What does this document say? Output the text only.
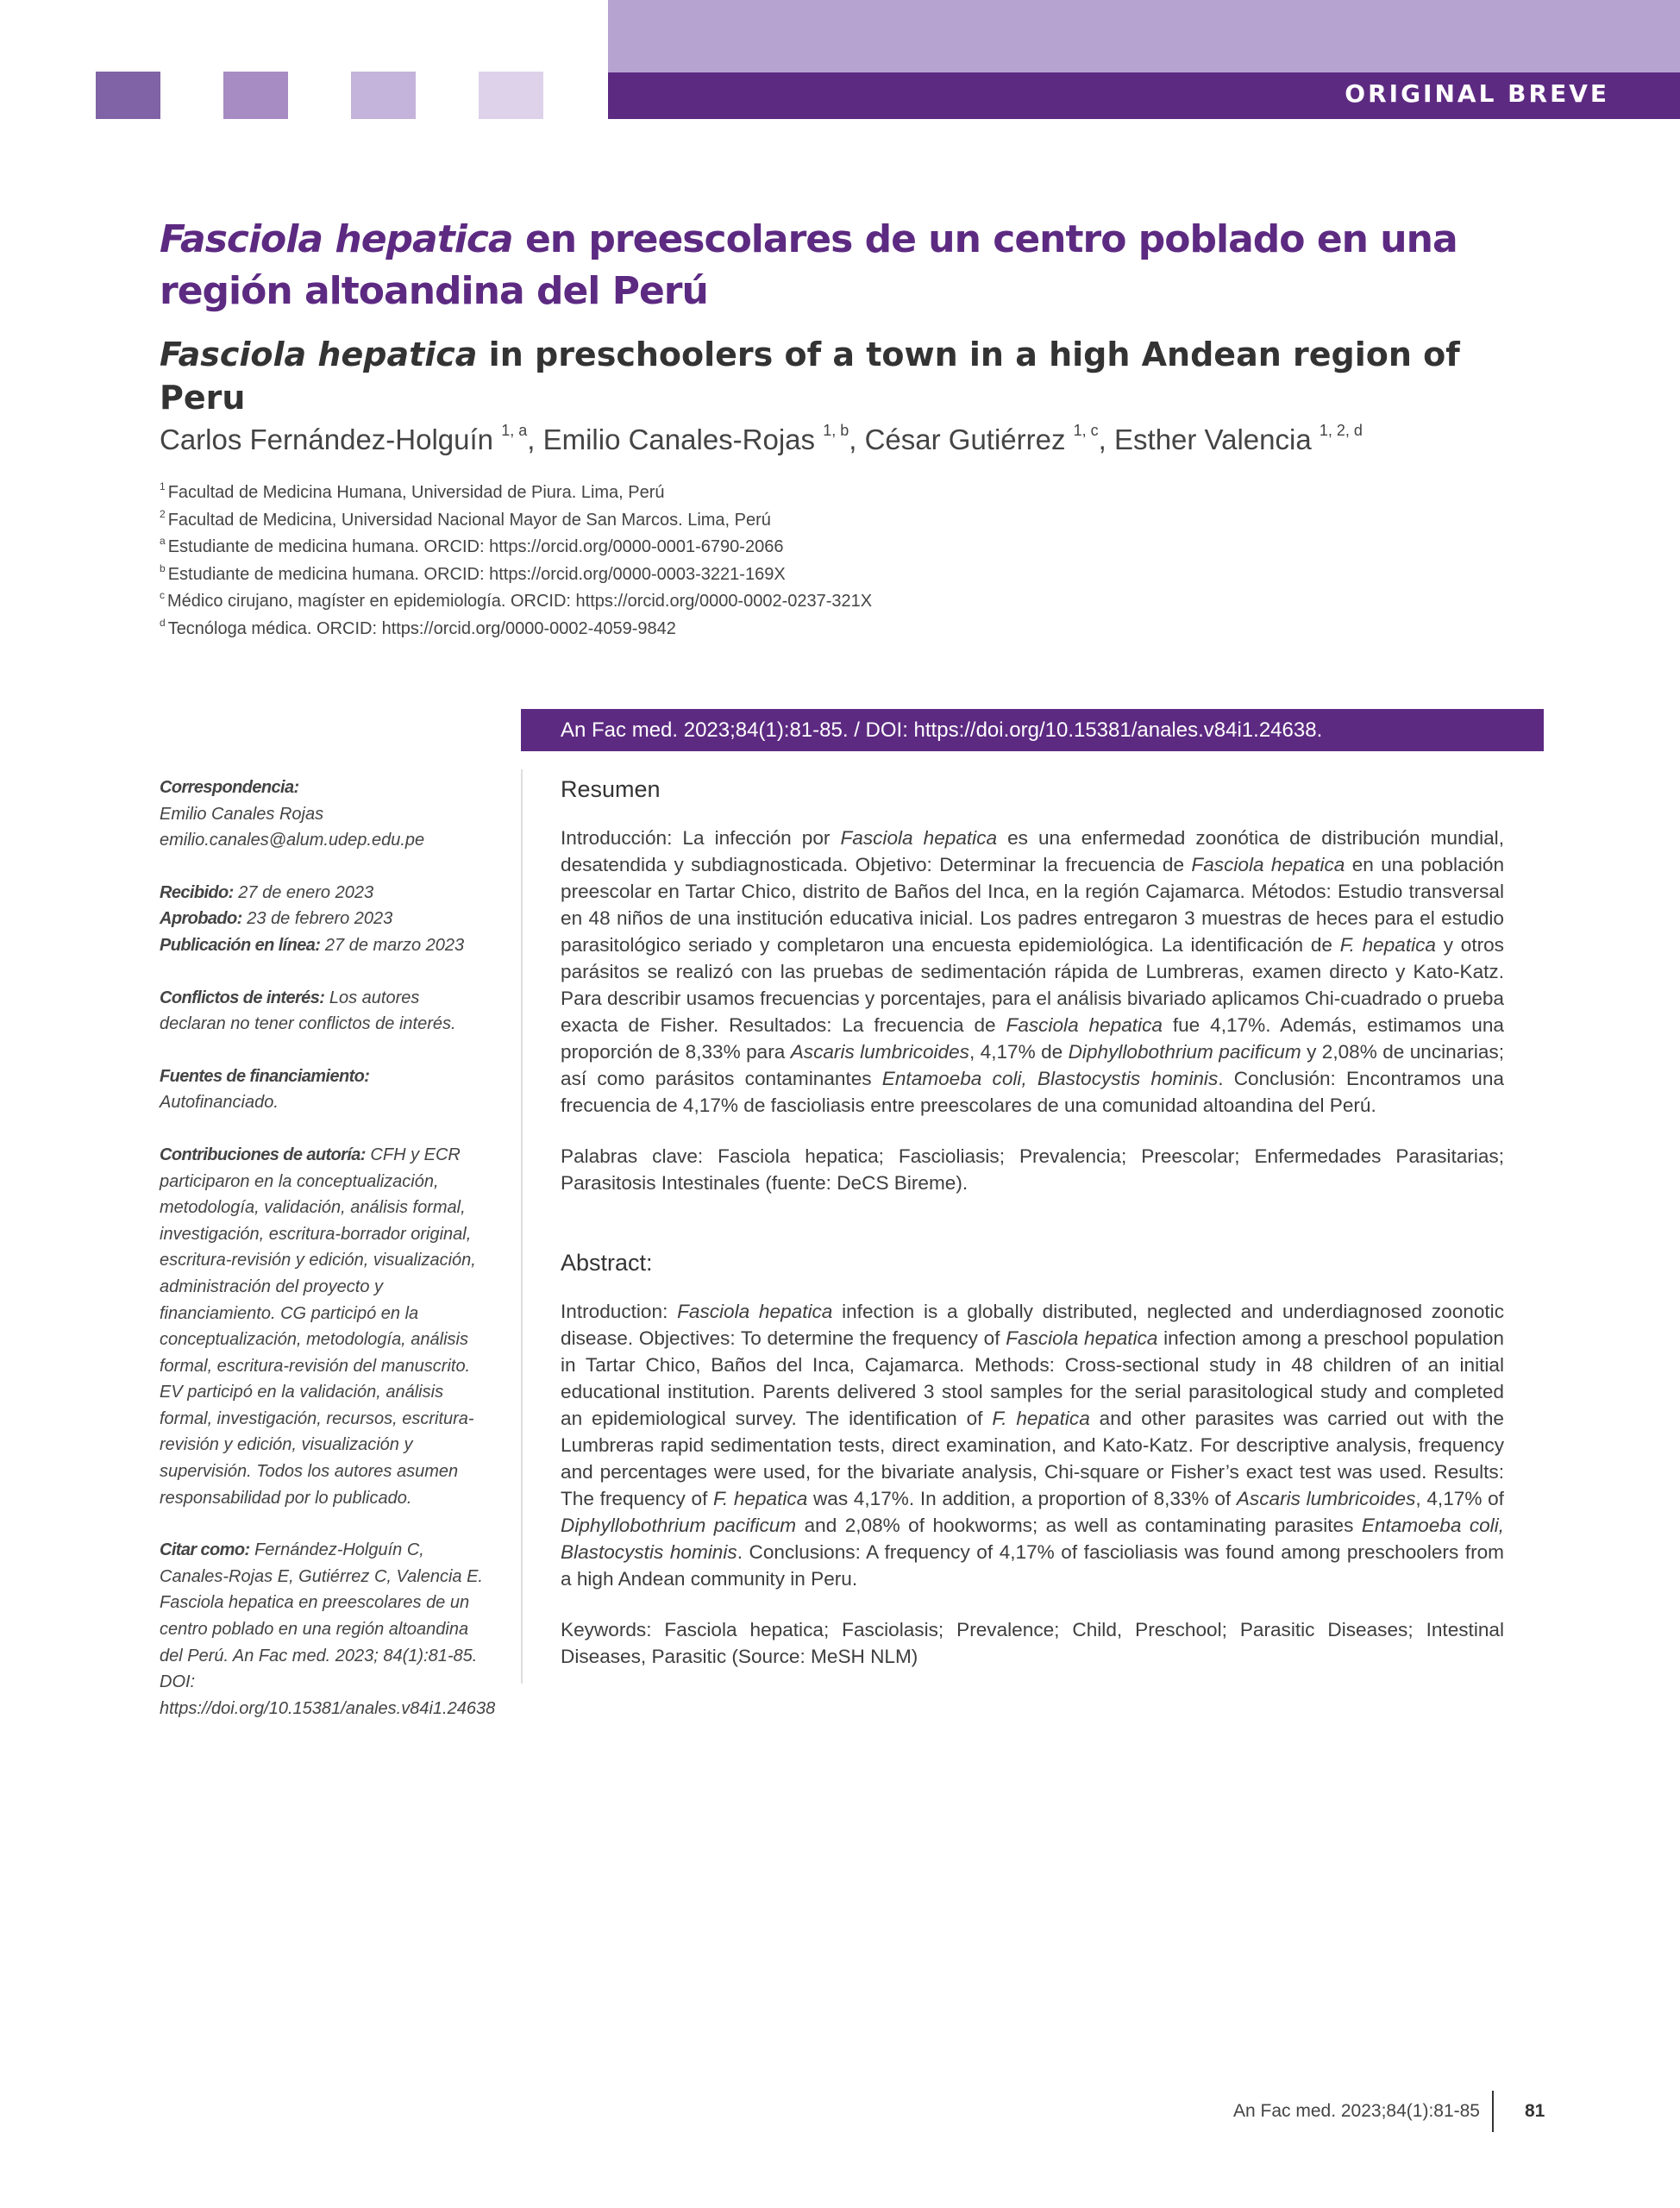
ORIGINAL BREVE
Fasciola hepatica en preescolares de un centro poblado en una región altoandina del Perú
Fasciola hepatica in preschoolers of a town in a high Andean region of Peru
Carlos Fernández-Holguín $^{1, a}$, Emilio Canales-Rojas $^{1, b}$, César Gutiérrez $^{1, c}$, Esther Valencia $^{1, 2, d}$
$^1$ Facultad de Medicina Humana, Universidad de Piura. Lima, Perú
$^2$ Facultad de Medicina, Universidad Nacional Mayor de San Marcos. Lima, Perú
$^a$ Estudiante de medicina humana. ORCID: https://orcid.org/0000-0001-6790-2066
$^b$ Estudiante de medicina humana. ORCID: https://orcid.org/0000-0003-3221-169X
$^c$ Médico cirujano, magíster en epidemiología. ORCID: https://orcid.org/0000-0002-0237-321X
$^d$ Tecnóloga médica. ORCID: https://orcid.org/0000-0002-4059-9842
An Fac med. 2023;84(1):81-85. / DOI: https://doi.org/10.15381/anales.v84i1.24638.

Correspondencia:
Emilio Canales Rojas
emilio.canales@alum.udep.edu.pe

Recibido: 27 de enero 2023
Aprobado: 23 de febrero 2023
Publicación en línea: 27 de marzo 2023

Conflictos de interés: Los autores declaran no tener conflictos de interés.

Fuentes de financiamiento: Autofinanciado.

Contribuciones de autoría: CFH y ECR participaron en la conceptualización, metodología, validación, análisis formal, investigación, escritura-borrador original, escritura-revisión y edición, visualización, administración del proyecto y financiamiento. CG participó en la conceptualización, metodología, análisis formal, escritura-revisión del manuscrito. EV participó en la validación, análisis formal, investigación, recursos, escritura-revisión y edición, visualización y supervisión. Todos los autores asumen responsabilidad por lo publicado.

Citar como: Fernández-Holguín C, Canales-Rojas E, Gutiérrez C, Valencia E. Fasciola hepatica en preescolares de un centro poblado en una región altoandina del Perú. An Fac med. 2023; 84(1):81-85. DOI: https://doi.org/10.15381/anales.v84i1.24638

Resumen

Introducción: La infección por Fasciola hepatica es una enfermedad zoonótica de distribución mundial, desatendida y subdiagnosticada. Objetivo: Determinar la frecuencia de Fasciola hepatica en una población preescolar en Tartar Chico, distrito de Baños del Inca, en la región Cajamarca. Métodos: Estudio transversal en 48 niños de una institución educativa inicial. Los padres entregaron 3 muestras de heces para el estudio parasitológico seriado y completaron una encuesta epidemiológica. La identificación de F. hepatica y otros parásitos se realizó con las pruebas de sedimentación rápida de Lumbreras, examen directo y Kato-Katz. Para describir usamos frecuencias y porcentajes, para el análisis bivariado aplicamos Chi-cuadrado o prueba exacta de Fisher. Resultados: La frecuencia de Fasciola hepatica fue 4,17%. Además, estimamos una proporción de 8,33% para Ascaris lumbricoides, 4,17% de Diphyllobothrium pacificum y 2,08% de uncinarias; así como parásitos contaminantes Entamoeba coli, Blastocystis hominis. Conclusión: Encontramos una frecuencia de 4,17% de fascioliasis entre preescolares de una comunidad altoandina del Perú.

Palabras clave: Fasciola hepatica; Fascioliasis; Prevalencia; Preescolar; Enfermedades Parasitarias; Parasitosis Intestinales (fuente: DeCS Bireme).

Abstract:

Introduction: Fasciola hepatica infection is a globally distributed, neglected and underdiagnosed zoonotic disease. Objectives: To determine the frequency of Fasciola hepatica infection among a preschool population in Tartar Chico, Baños del Inca, Cajamarca. Methods: Cross-sectional study in 48 children of an initial educational institution. Parents delivered 3 stool samples for the serial parasitological study and completed an epidemiological survey. The identification of F. hepatica and other parasites was carried out with the Lumbreras rapid sedimentation tests, direct examination, and Kato-Katz. For descriptive analysis, frequency and percentages were used, for the bivariate analysis, Chi-square or Fisher’s exact test was used. Results: The frequency of F. hepatica was 4,17%. In addition, a proportion of 8,33% of Ascaris lumbricoides, 4,17% of Diphyllobothrium pacificum and 2,08% of hookworms; as well as contaminating parasites Entamoeba coli, Blastocystis hominis. Conclusions: A frequency of 4,17% of fascioliasis was found among preschoolers from a high Andean community in Peru.

Keywords: Fasciola hepatica; Fasciolasis; Prevalence; Child, Preschool; Parasitic Diseases; Intestinal Diseases, Parasitic (Source: MeSH NLM)

An Fac med. 2023;84(1):81-85 81
